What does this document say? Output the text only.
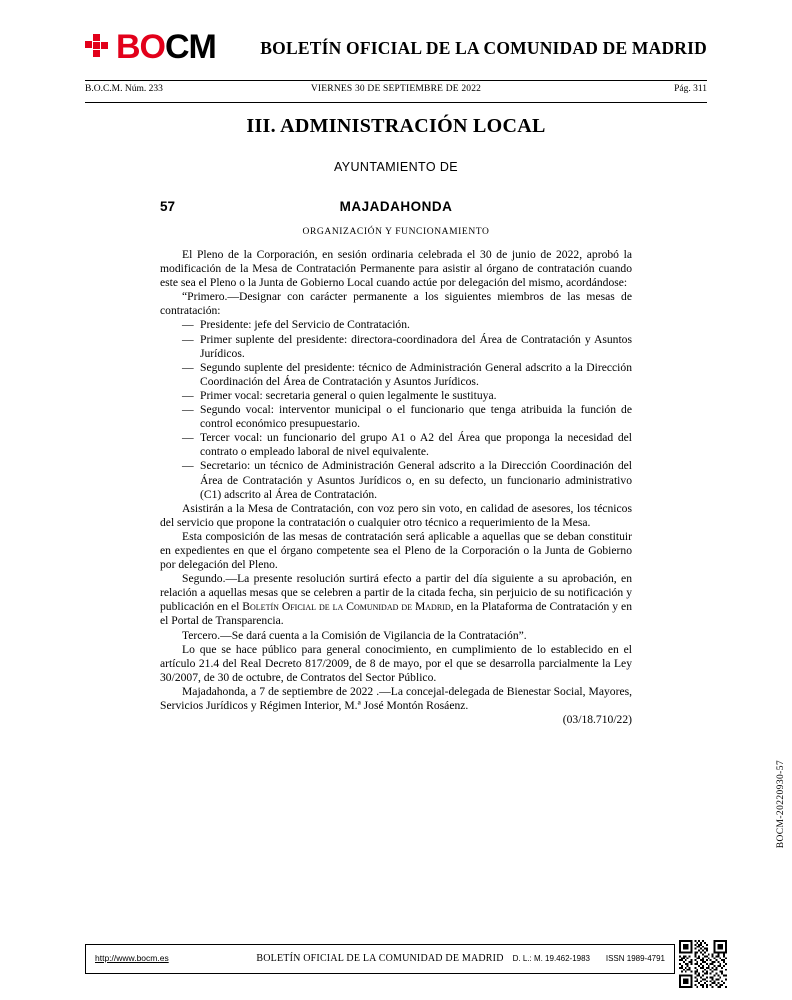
BOCM	BOLETÍN OFICIAL DE LA COMUNIDAD DE MADRID
VIERNES 30 DE SEPTIEMBRE DE 2022
B.O.C.M. Núm. 233	Pág. 311
III. ADMINISTRACIÓN LOCAL
AYUNTAMIENTO DE
57	MAJADAHONDA
ORGANIZACIÓN Y FUNCIONAMIENTO

El Pleno de la Corporación, en sesión ordinaria celebrada el 30 de junio de 2022, aprobó la modificación de la Mesa de Contratación Permanente para asistir al órgano de contratación cuando este sea el Pleno o la Junta de Gobierno Local cuando actúe por delegación del mismo, acordándose:

“Primero.—Designar con carácter permanente a los siguientes miembros de las mesas de contratación:

— Presidente: jefe del Servicio de Contratación.
— Primer suplente del presidente: directora-coordinadora del Área de Contratación y Asuntos Jurídicos.
— Segundo suplente del presidente: técnico de Administración General adscrito a la Dirección Coordinación del Área de Contratación y Asuntos Jurídicos.
— Primer vocal: secretaria general o quien legalmente le sustituya.
— Segundo vocal: interventor municipal o el funcionario que tenga atribuida la función de control económico presupuestario.
— Tercer vocal: un funcionario del grupo A1 o A2 del Área que proponga la necesidad del contrato o empleado laboral de nivel equivalente.
— Secretario: un técnico de Administración General adscrito a la Dirección Coordinación del Área de Contratación y Asuntos Jurídicos o, en su defecto, un funcionario administrativo (C1) adscrito al Área de Contratación.

Asistirán a la Mesa de Contratación, con voz pero sin voto, en calidad de asesores, los técnicos del servicio que propone la contratación o cualquier otro técnico a requerimiento de la Mesa.

Esta composición de las mesas de contratación será aplicable a aquellas que se deban constituir en expedientes en que el órgano competente sea el Pleno de la Corporación o la Junta de Gobierno por delegación del Pleno.

Segundo.—La presente resolución surtirá efecto a partir del día siguiente a su aprobación, en relación a aquellas mesas que se celebren a partir de la citada fecha, sin perjuicio de su notificación y publicación en el Boletín Oficial de la Comunidad de Madrid, en la Plataforma de Contratación y en el Portal de Transparencia.

Tercero.—Se dará cuenta a la Comisión de Vigilancia de la Contratación”.

Lo que se hace público para general conocimiento, en cumplimiento de lo establecido en el artículo 21.4 del Real Decreto 817/2009, de 8 de mayo, por el que se desarrolla parcialmente la Ley 30/2007, de 30 de octubre, de Contratos del Sector Público.

Majadahonda, a 7 de septiembre de 2022 .—La concejal-delegada de Bienestar Social, Mayores, Servicios Jurídicos y Régimen Interior, M.ª José Montón Rosáenz.

(03/18.710/22)

BOCM-20220930-57
http://www.bocm.es	BOLETÍN OFICIAL DE LA COMUNIDAD DE MADRID	D. L.: M. 19.462-1983 ISSN 1989-4791
